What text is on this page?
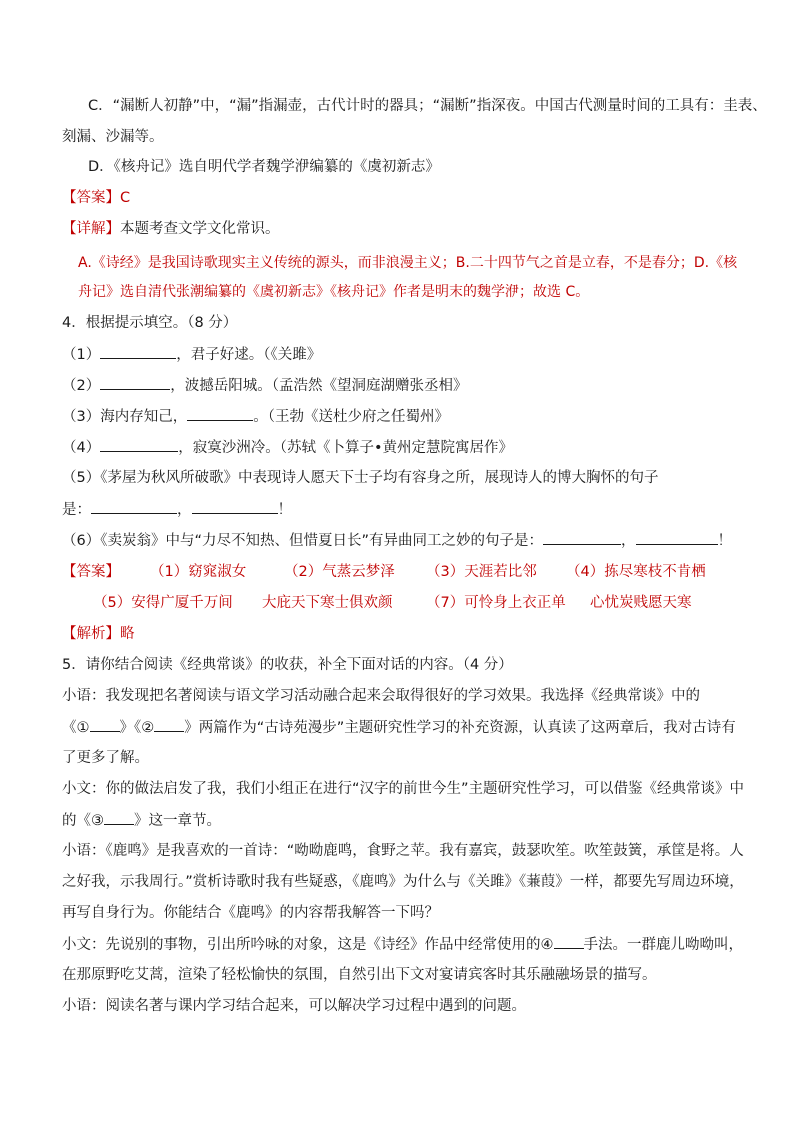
C．“漏断人初静”中，“漏”指漏壶，古代计时的器具；“漏断”指深夜。中国古代测量时间的工具有：圭表、
刻漏、沙漏等。
D．《核舟记》选自明代学者魏学洢编纂的《虞初新志》
【答案】C
【详解】本题考查文学文化常识。
A.《诗经》是我国诗歌现实主义传统的源头，而非浪漫主义；B.二十四节气之首是立春，不是春分；D.《核
舟记》选自清代张潮编纂的《虞初新志》《核舟记》作者是明末的魏学洢；故选 C。
4．根据提示填空。（8 分）
（1）	，君子好逑。（《关雎》
（2）	，波撼岳阳城。（孟浩然《望洞庭湖赠张丞相》
（3）海内存知己，	。（王勃《送杜少府之任蜀州》
（4）	，寂寞沙洲冷。（苏轼《卜算子•黄州定慧院寓居作》
（5）《茅屋为秋风所破歌》中表现诗人愿天下士子均有容身之所，展现诗人的博大胸怀的句子
是：	，	！
（6）《卖炭翁》中与“力尽不知热、但惜夏日长”有异曲同工之妙的句子是：	，	！
【答案】 （1）窈窕淑女	（2）气蒸云梦泽 （3）天涯若比邻 （4）拣尽寒枝不肯栖
（5）安得广厦千万间 大庇天下寒士俱欢颜 （7）可怜身上衣正单 心忧炭贱愿天寒
【解析】略
5．请你结合阅读《经典常谈》的收获，补全下面对话的内容。（4 分）
小语：我发现把名著阅读与语文学习活动融合起来会取得很好的学习效果。我选择《经典常谈》中的
《① 》《② 》两篇作为“古诗苑漫步”主题研究性学习的补充资源，认真读了这两章后，我对古诗有
了更多了解。
小文：你的做法启发了我，我们小组正在进行“汉字的前世今生”主题研究性学习，可以借鉴《经典常谈》中
的《③ 》这一章节。
小语：《鹿鸣》是我喜欢的一首诗：“呦呦鹿鸣，食野之苹。我有嘉宾，鼓瑟吹笙。吹笙鼓簧，承筐是将。人
之好我，示我周行。”赏析诗歌时我有些疑惑，《鹿鸣》为什么与《关雎》《蒹葭》一样，都要先写周边环境，
再写自身行为。你能结合《鹿鸣》的内容帮我解答一下吗？
小文：先说别的事物，引出所吟咏的对象，这是《诗经》作品中经常使用的④ 手法。一群鹿儿呦呦叫，
在那原野吃艾蒿，渲染了轻松愉快的氛围，自然引出下文对宴请宾客时其乐融融场景的描写。
小语：阅读名著与课内学习结合起来，可以解决学习过程中遇到的问题。
